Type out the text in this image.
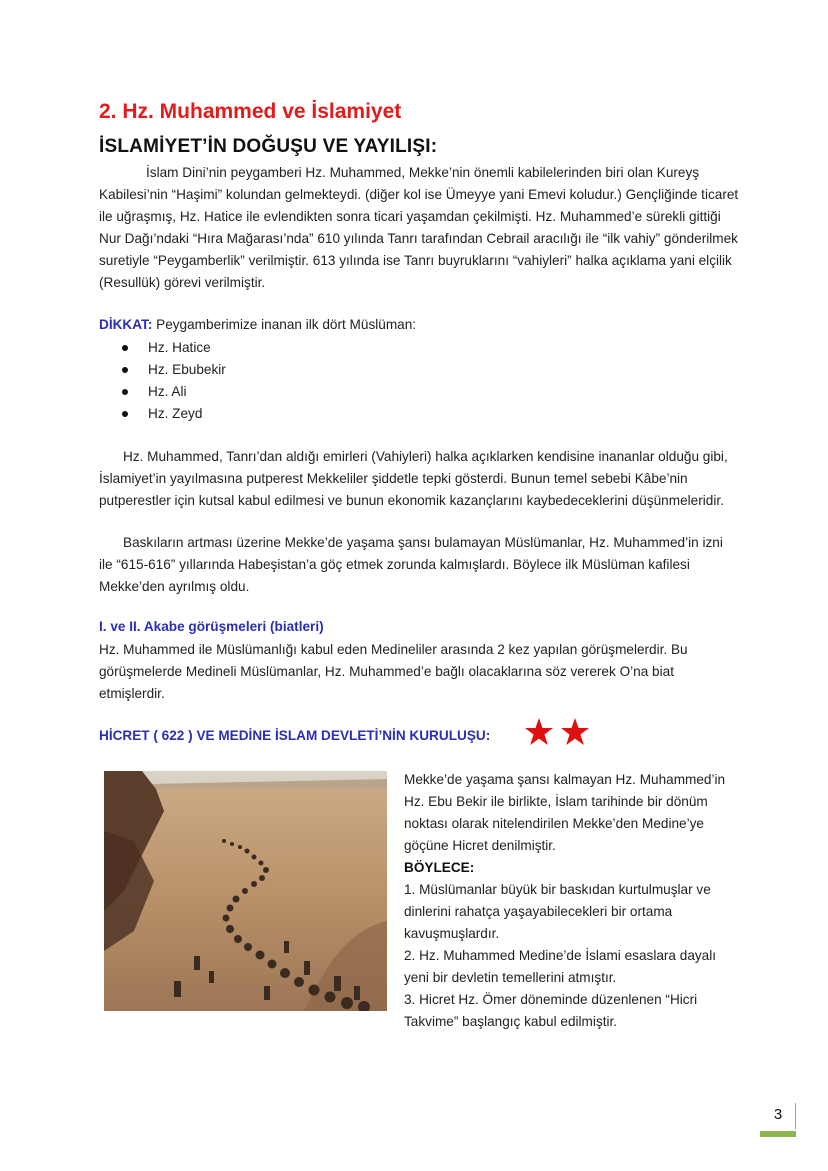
2. Hz. Muhammed ve İslamiyet
İSLAMİYET’İN DOĞUŞU VE YAYILIŞI:
İslam Dini’nin peygamberi Hz. Muhammed, Mekke’nin önemli kabilelerinden biri olan Kureyş Kabilesi’nin “Haşimi” kolundan gelmekteydi. (diğer kol ise Ümeyye yani Emevi koludur.) Gençliğinde ticaret ile uğraşmış, Hz. Hatice ile evlendikten sonra ticari yaşamdan çekilmişti. Hz. Muhammed’e sürekli gittiği Nur Dağı’ndaki “Hıra Mağarası’nda” 610 yılında Tanrı tarafından Cebrail aracılığı ile “ilk vahiy” gönderilmek suretiyle “Peygamberlik” verilmiştir. 613 yılında ise Tanrı buyruklarını “vahiyleri” halka açıklama yani elçilik (Resullük) görevi verilmiştir.
DİKKAT: Peygamberimize inanan ilk dört Müslüman:
Hz. Hatice
Hz. Ebubekir
Hz. Ali
Hz. Zeyd
Hz. Muhammed, Tanrı’dan aldığı emirleri (Vahiyleri) halka açıklarken kendisine inananlar olduğu gibi, İslamiyet’in yayılmasına putperest Mekkeliler şiddetle tepki gösterdi. Bunun temel sebebi Kâbe’nin putperestler için kutsal kabul edilmesi ve bunun ekonomik kazançlarını kaybedeceklerini düşünmeleridir.
Baskıların artması üzerine Mekke’de yaşama şansı bulamayan Müslümanlar, Hz. Muhammed’in izni ile “615-616” yıllarında Habeşistan’a göç etmek zorunda kalmışlardı. Böylece ilk Müslüman kafilesi Mekke’den ayrılmış oldu.
I. ve II. Akabe görüşmeleri (biatleri)
Hz. Muhammed ile Müslümanlığı kabul eden Medineliler arasında 2 kez yapılan görüşmelerdir. Bu görüşmelerde Medineli Müslümanlar, Hz. Muhammed’e bağlı olacaklarına söz vererek O’na biat etmişlerdir.
HİCRET ( 622 ) VE MEDİNE İSLAM DEVLETİ’NİN KURULUŞU:
Mekke’de yaşama şansı kalmayan Hz. Muhammed’in Hz. Ebu Bekir ile birlikte, İslam tarihinde bir dönüm noktası olarak nitelendirilen Mekke’den Medine’ye göçüne Hicret denilmiştir.
BÖYLECE:
1. Müslümanlar büyük bir baskıdan kurtulmuşlar ve dinlerini rahatça yaşayabilecekleri bir ortama kavuşmuşlardır.
2. Hz. Muhammed Medine’de İslami esaslara dayalı yeni bir devletin temellerini atmıştır.
3. Hicret Hz. Ömer döneminde düzenlenen “Hicri Takvime” başlangıç kabul edilmiştir.
3
